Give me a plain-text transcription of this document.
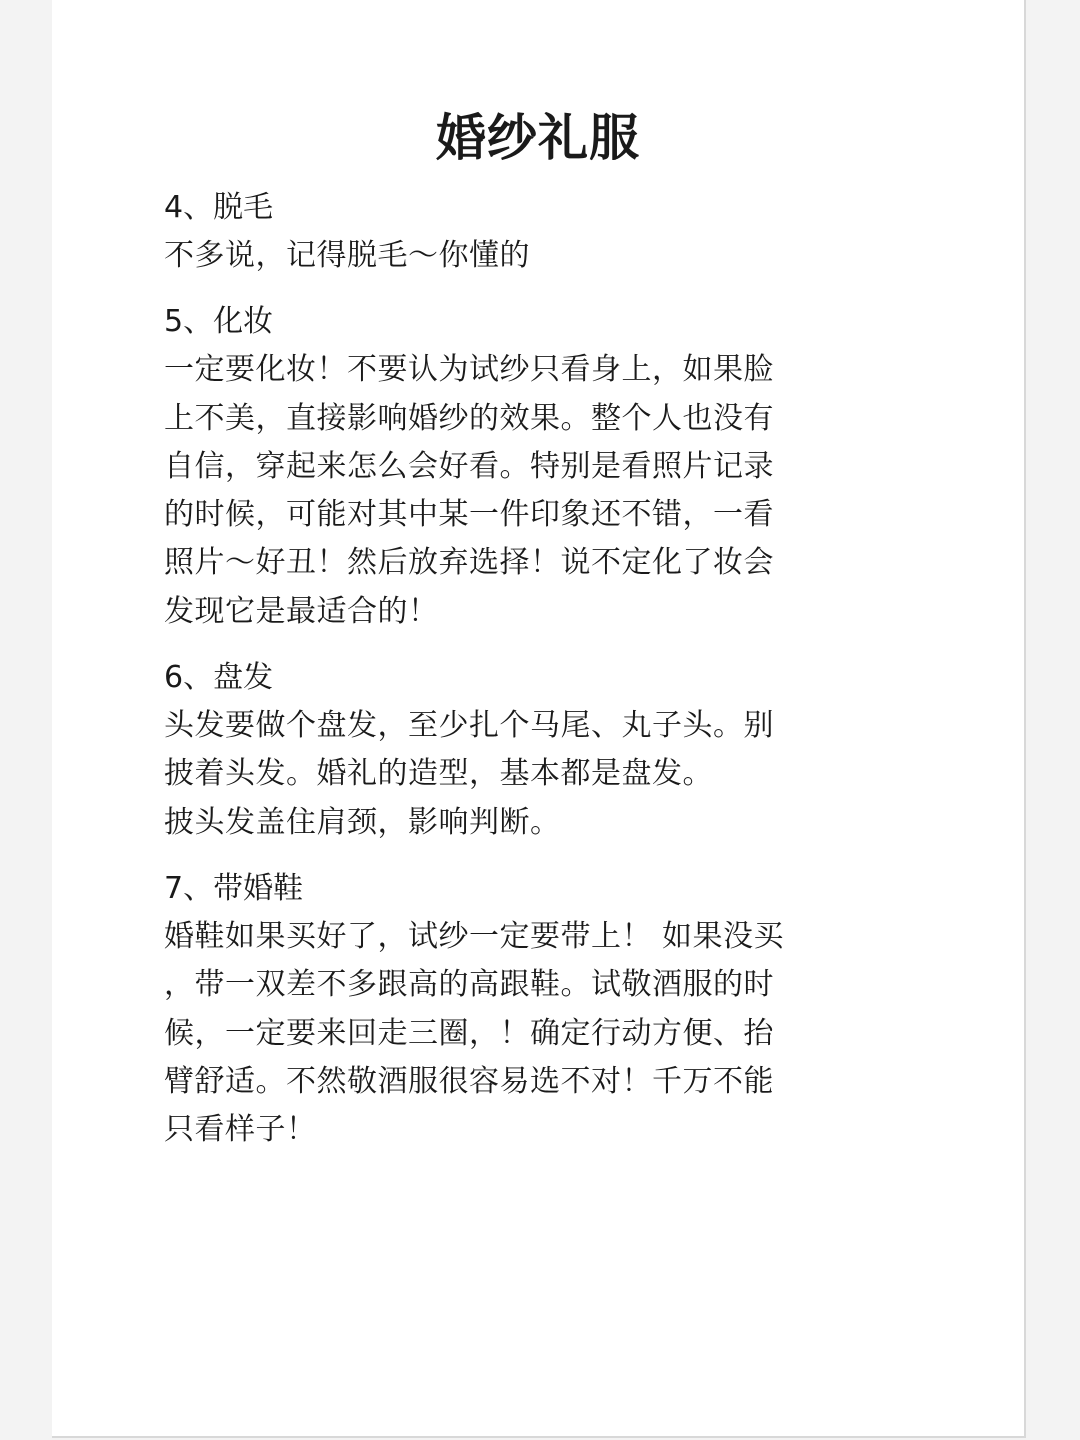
婚纱礼服

4、脱毛

不多说，记得脱毛～你懂的

5、化妆

一定要化妆！不要认为试纱只看身上，如果脸

上不美，直接影响婚纱的效果。整个人也没有

自信，穿起来怎么会好看。特别是看照片记录

的时候，可能对其中某一件印象还不错，一看

照片～好丑！然后放弃选择！说不定化了妆会

发现它是最适合的！

6、盘发

头发要做个盘发，至少扎个马尾、丸子头。别

披着头发。婚礼的造型，基本都是盘发。

披头发盖住肩颈，影响判断。

7、带婚鞋

婚鞋如果买好了，试纱一定要带上！ 如果没买

，带一双差不多跟高的高跟鞋。试敬酒服的时

候，一定要来回走三圈，！确定行动方便、抬

臂舒适。不然敬酒服很容易选不对！千万不能

只看样子！
